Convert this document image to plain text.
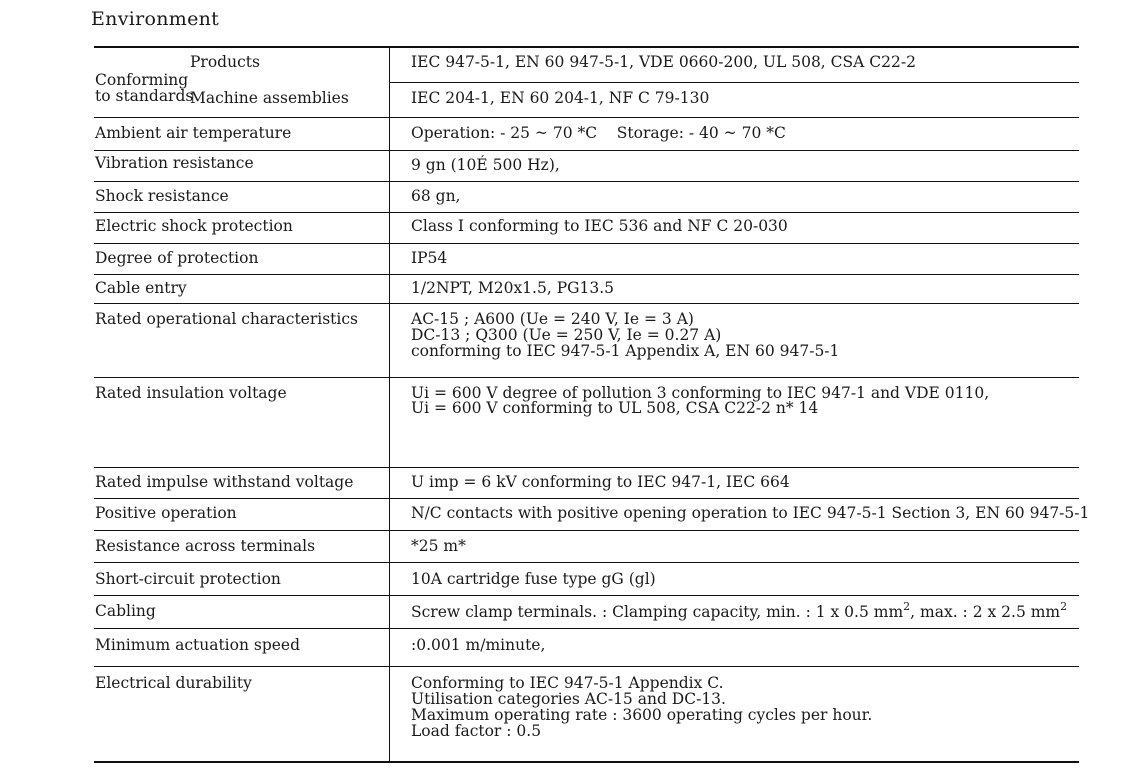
Environment
Conforming
to standards
Products	IEC 947-5-1, EN 60 947-5-1, VDE 0660-200, UL 508, CSA C22-2
Machine assemblies	IEC 204-1, EN 60 204-1, NF C 79-130
Ambient air temperature
Vibration resistance
Shock resistance
Electric shock protection
Degree of protection
Cable entry
Rated operational characteristics
Rated insulation voltage
Rated impulse withstand voltage
Positive operation
Resistance across terminals
Short-circuit protection
Cabling
Minimum actuation speed
Electrical durability
Operation: - 25 ~ 70 *C    Storage: - 40 ~ 70 *C
9 gn (10É 500 Hz),
68 gn,
Class I conforming to IEC 536 and NF C 20-030
IP54
1/2NPT, M20x1.5, PG13.5
AC-15 ; A600 (Ue = 240 V, Ie = 3 A)
DC-13 ; Q300 (Ue = 250 V, Ie = 0.27 A)
conforming to IEC 947-5-1 Appendix A, EN 60 947-5-1
Ui = 600 V degree of pollution 3 conforming to IEC 947-1 and VDE 0110,
Ui = 600 V conforming to UL 508, CSA C22-2 n* 14
U imp = 6 kV conforming to IEC 947-1, IEC 664
N/C contacts with positive opening operation to IEC 947-5-1 Section 3, EN 60 947-5-1
*25 m*
10A cartridge fuse type gG (gl)
Screw clamp terminals. : Clamping capacity, min. : 1 x 0.5 $mm^2$, max. : 2 x 2.5 $mm^2$
:0.001 m/minute,
Conforming to IEC 947-5-1 Appendix C.
Utilisation categories AC-15 and DC-13.
Maximum operating rate : 3600 operating cycles per hour.
Load factor : 0.5
